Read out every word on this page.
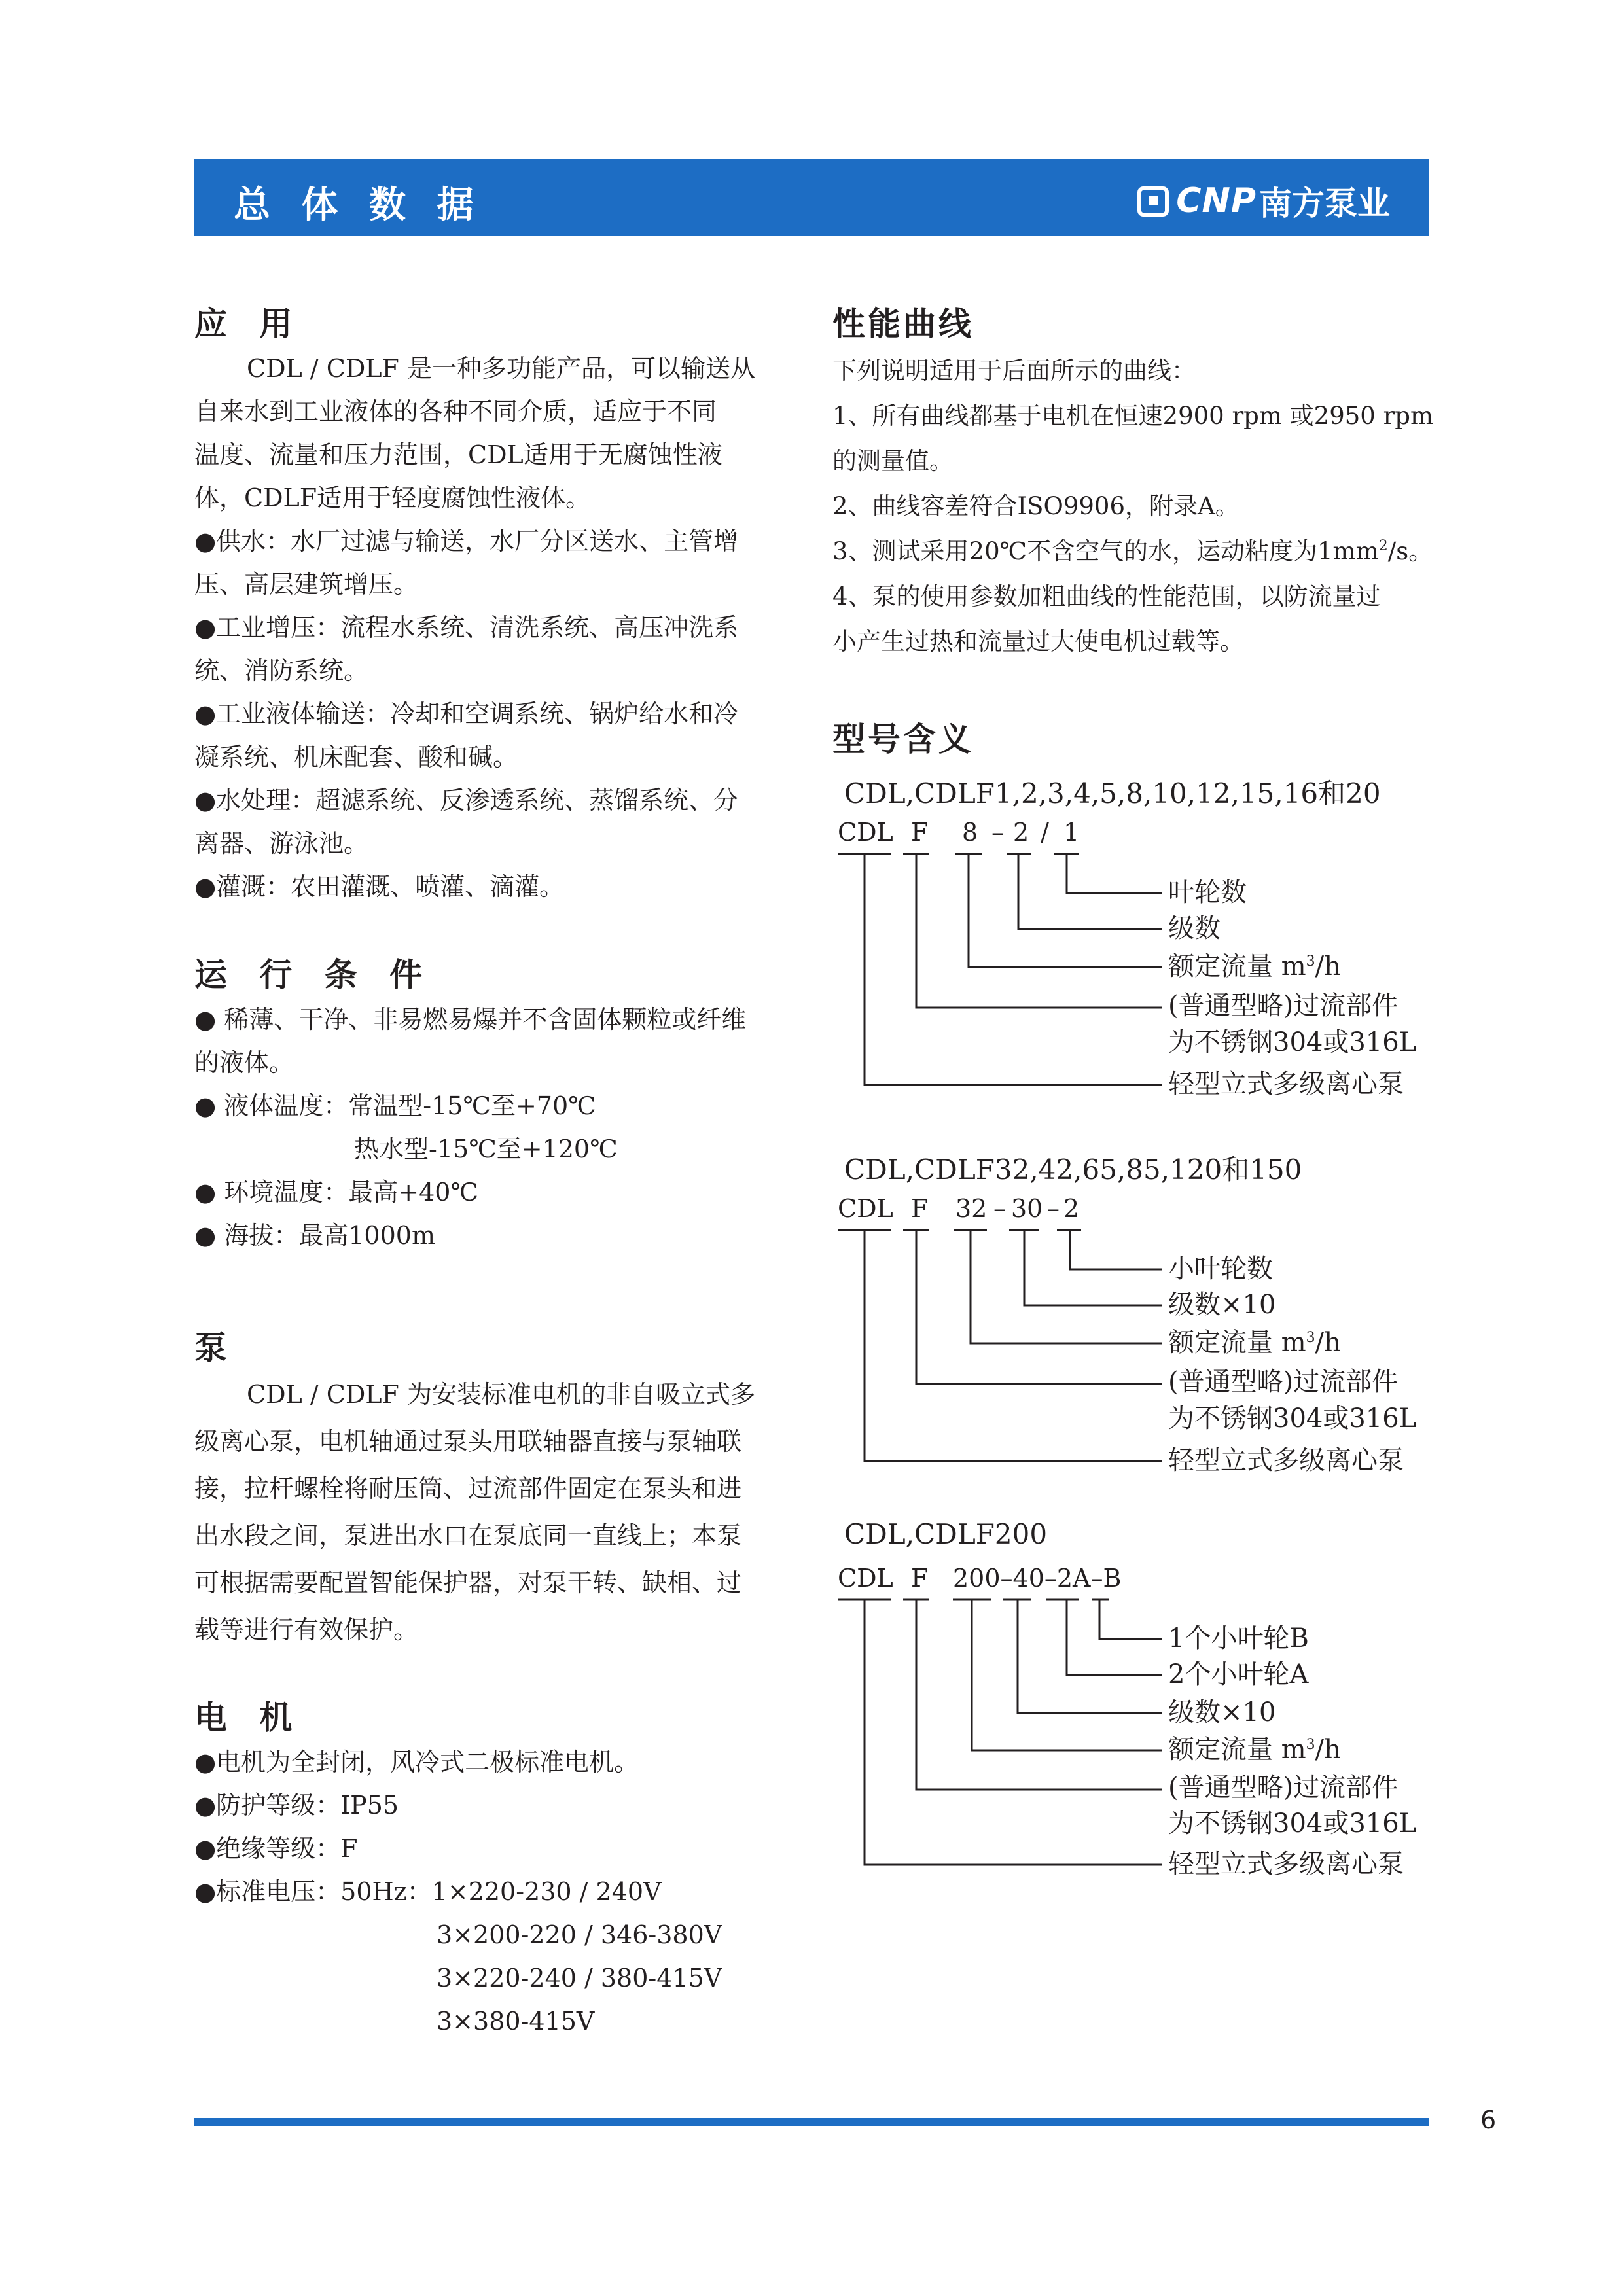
总 体 数 据	CNP 南方泵业
应 用

CDL / CDLF 是一种多功能产品，可以输送从

自来水到工业液体的各种不同介质，适应于不同

温度、流量和压力范围，CDL适用于无腐蚀性液

体，CDLF适用于轻度腐蚀性液体。

●供水：水厂过滤与输送，水厂分区送水、主管增

压、高层建筑增压。

●工业增压：流程水系统、清洗系统、高压冲洗系

统、消防系统。

●工业液体输送：冷却和空调系统、锅炉给水和冷

凝系统、机床配套、酸和碱。

●水处理：超滤系统、反渗透系统、蒸馏系统、分

离器、游泳池。

●灌溉：农田灌溉、喷灌、滴灌。

运 行 条 件

● 稀薄、干净、非易燃易爆并不含固体颗粒或纤维

的液体。

● 液体温度：常温型-15℃至+70℃

热水型-15℃至+120℃

● 环境温度：最高+40℃

● 海拔：最高1000m

泵

CDL / CDLF 为安装标准电机的非自吸立式多

级离心泵，电机轴通过泵头用联轴器直接与泵轴联

接，拉杆螺栓将耐压筒、过流部件固定在泵头和进

出水段之间，泵进出水口在泵底同一直线上；本泵

可根据需要配置智能保护器，对泵干转、缺相、过

载等进行有效保护。

电 机

●电机为全封闭，风冷式二极标准电机。

●防护等级：IP55

●绝缘等级：F

●标准电压：50Hz：1×220-230 / 240V

3×200-220 / 346-380V

3×220-240 / 380-415V

3×380-415V

性能曲线

下列说明适用于后面所示的曲线：

1、所有曲线都基于电机在恒速2900 rpm 或2950 rpm

的测量值。

2、曲线容差符合ISO9906，附录A。

3、测试采用20℃不含空气的水，运动粘度为$1mm^2/s$。

4、泵的使用参数加粗曲线的性能范围，以防流量过

小产生过热和流量过大使电机过载等。

型号含义
CDL,CDLF1,2,3,4,5,8,10,12,15,16和20
CDL F 8 – 2 / 1
叶轮数
级数
额定流量 $m^3/h$
(普通型略)过流部件
为不锈钢304或316L
轻型立式多级离心泵
CDL,CDLF32,42,65,85,120和150
CDL F 32 – 30 – 2
小叶轮数
级数×10
额定流量 $m^3/h$
(普通型略)过流部件
为不锈钢304或316L
轻型立式多级离心泵
CDL,CDLF200
CDL F 200–40–2A–B
1个小叶轮B
2个小叶轮A
级数×10
额定流量 $m^3/h$
(普通型略)过流部件
为不锈钢304或316L
轻型立式多级离心泵
6
